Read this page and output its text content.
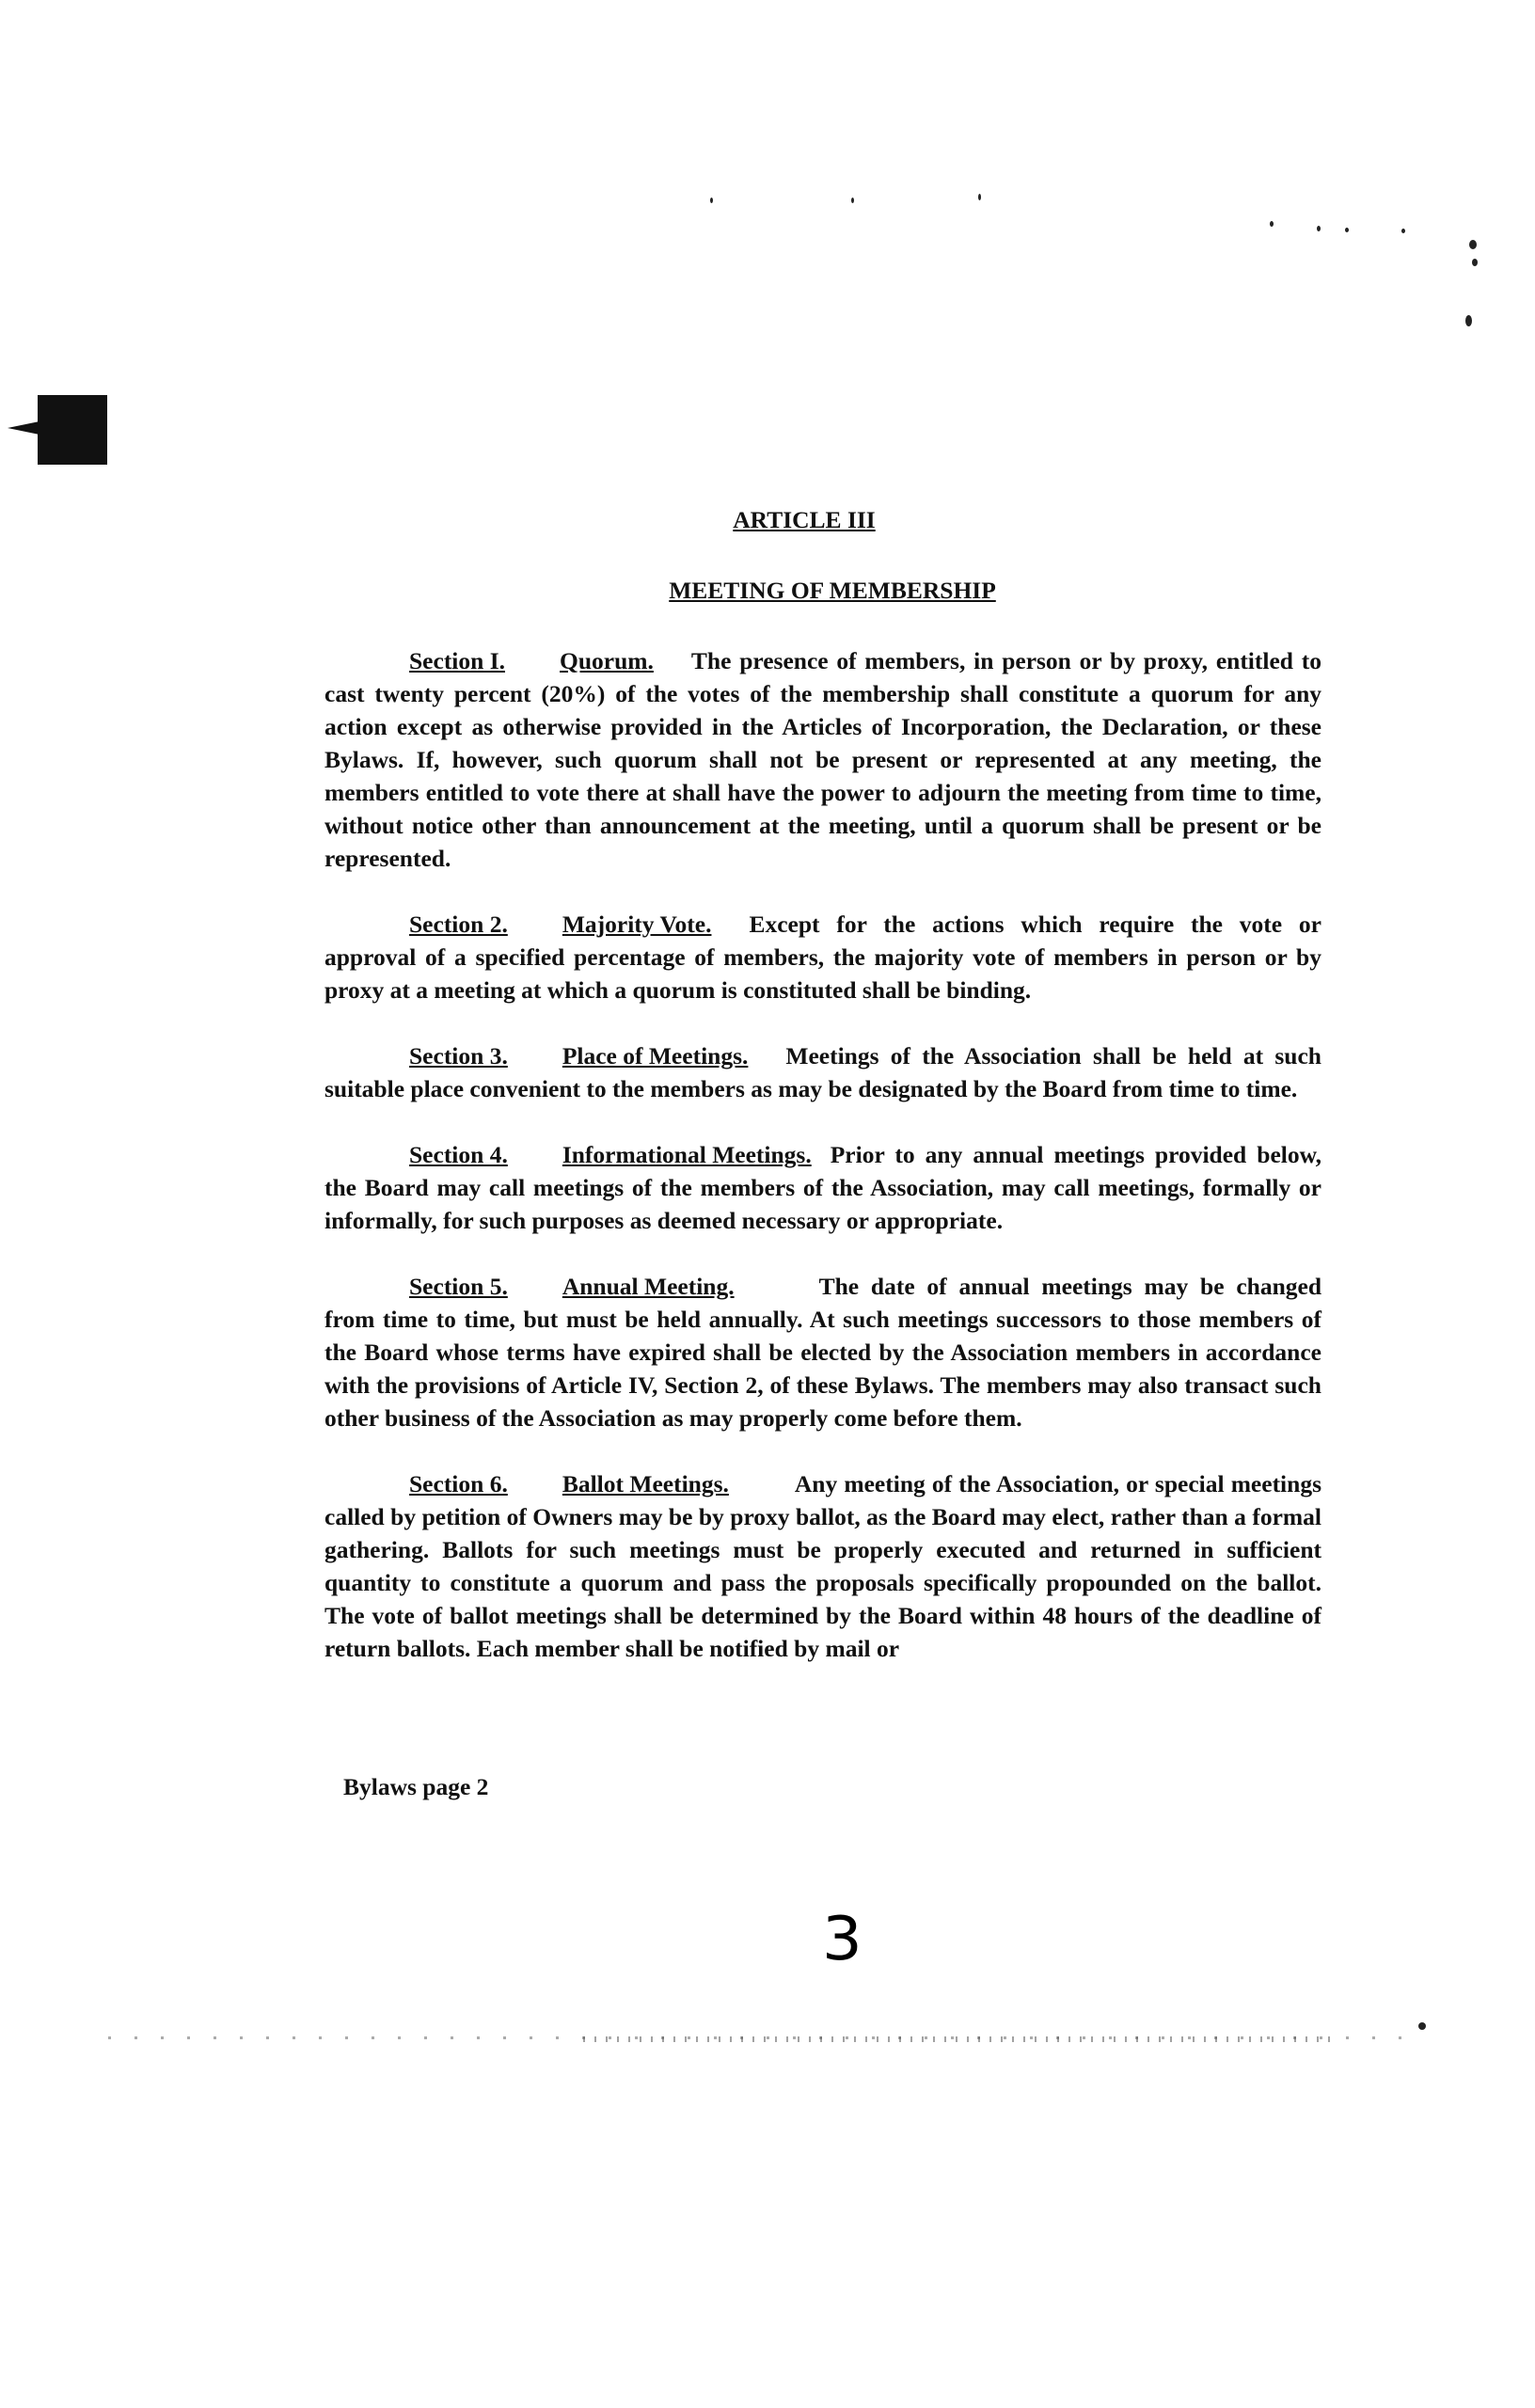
ARTICLE III

MEETING OF MEMBERSHIP

Section I. Quorum. The presence of members, in person or by proxy, entitled to cast twenty percent (20%) of the votes of the membership shall constitute a quorum for any action except as otherwise provided in the Articles of Incorporation, the Declaration, or these Bylaws. If, however, such quorum shall not be present or represented at any meeting, the members entitled to vote there at shall have the power to adjourn the meeting from time to time, without notice other than announcement at the meeting, until a quorum shall be present or be represented.

Section 2. Majority Vote. Except for the actions which require the vote or approval of a specified percentage of members, the majority vote of members in person or by proxy at a meeting at which a quorum is constituted shall be binding.

Section 3. Place of Meetings. Meetings of the Association shall be held at such suitable place convenient to the members as may be designated by the Board from time to time.

Section 4. Informational Meetings. Prior to any annual meetings provided below, the Board may call meetings of the members of the Association, may call meetings, formally or informally, for such purposes as deemed necessary or appropriate.

Section 5. Annual Meeting.	The date of annual meetings may be changed from time to time, but must be held annually. At such meetings successors to those members of the Board whose terms have expired shall be elected by the Association members in accordance with the provisions of Article IV, Section 2, of these Bylaws. The members may also transact such other business of the Association as may properly come before them.

Section 6. Ballot Meetings.	Any meeting of the Association, or special meetings called by petition of Owners may be by proxy ballot, as the Board may elect, rather than a formal gathering. Ballots for such meetings must be properly executed and returned in sufficient quantity to constitute a quorum and pass the proposals specifically propounded on the ballot. The vote of ballot meetings shall be determined by the Board within 48 hours of the deadline of return ballots. Each member shall be notified by mail or

Bylaws page 2
3
